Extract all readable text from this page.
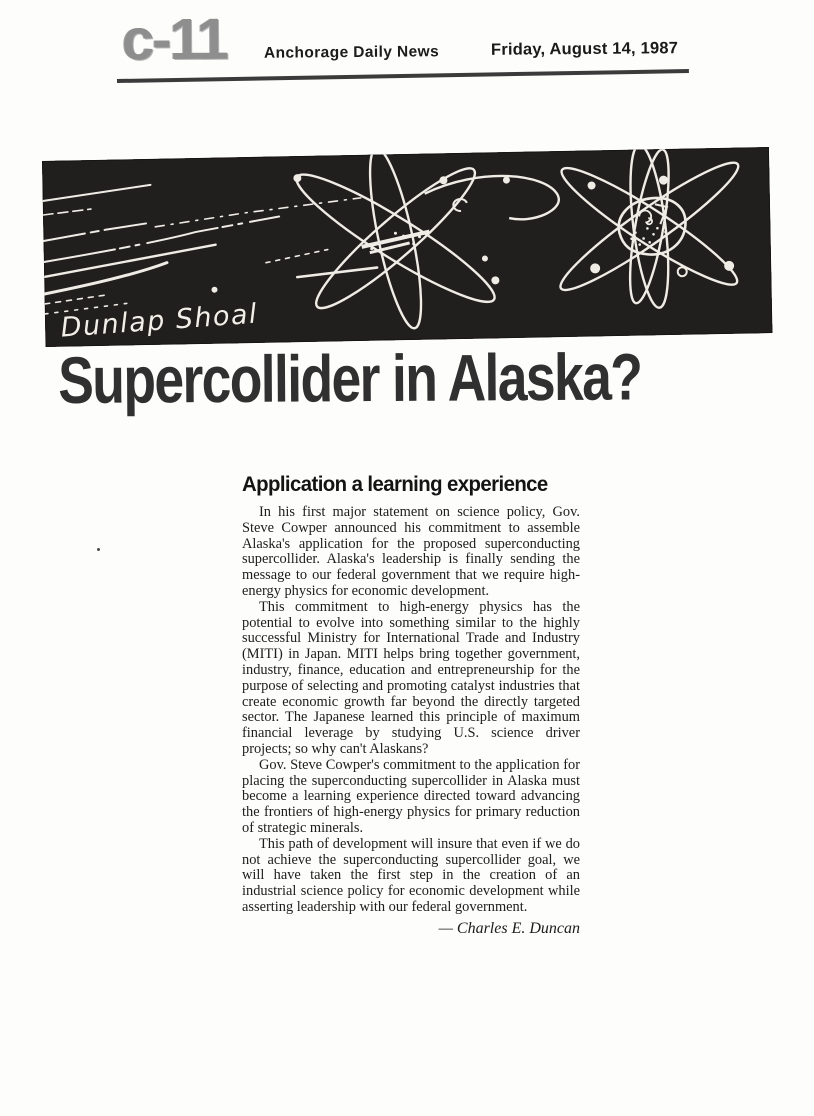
c-11 Anchorage Daily News	Friday, August 14, 1987
Dunlap Shoal
Supercollider in Alaska?
Application a learning experience

In his first major statement on science policy, Gov. Steve Cowper announced his commitment to assemble Alaska's application for the proposed superconducting supercollider. Alaska's leadership is finally sending the message to our federal government that we require high-energy physics for economic development.

This commitment to high-energy physics has the potential to evolve into something similar to the highly successful Ministry for International Trade and Industry (MITI) in Japan. MITI helps bring together government, industry, finance, education and entrepreneurship for the purpose of selecting and promoting catalyst industries that create economic growth far beyond the directly targeted sector. The Japanese learned this principle of maximum financial leverage by studying U.S. science driver projects; so why can't Alaskans?

Gov. Steve Cowper's commitment to the application for placing the superconducting supercollider in Alaska must become a learning experience directed toward advancing the frontiers of high-energy physics for primary reduction of strategic minerals.

This path of development will insure that even if we do not achieve the superconducting supercollider goal, we will have taken the first step in the creation of an industrial science policy for economic development while asserting leadership with our federal government.

— Charles E. Duncan
